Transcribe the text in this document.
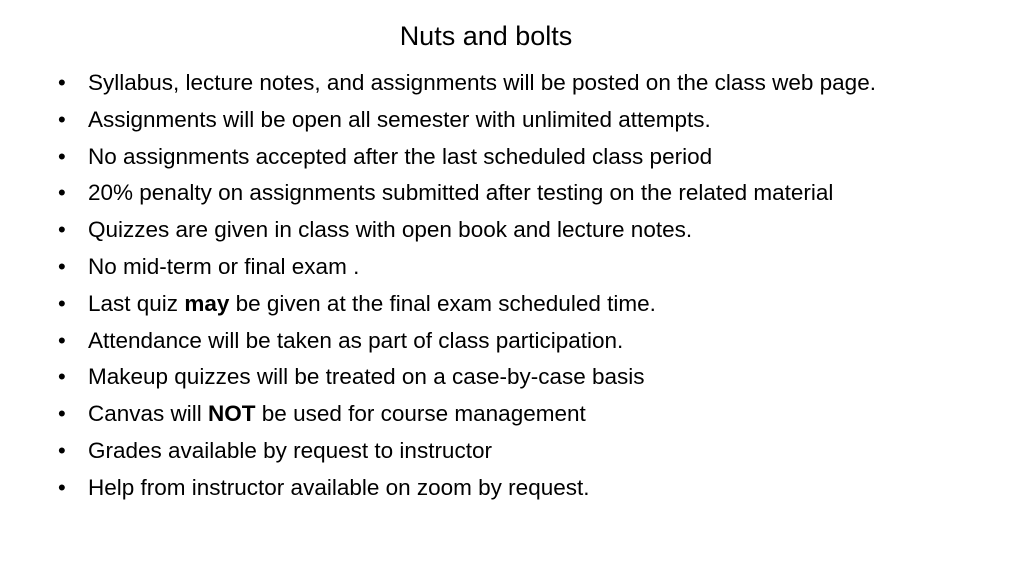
Nuts and bolts
• Syllabus, lecture notes, and assignments will be posted on the class web page.
• Assignments will be open all semester with unlimited attempts.
• No assignments accepted after the last scheduled class period
• 20% penalty on assignments submitted after testing on the related material
• Quizzes are given in class with open book and lecture notes.
• No mid-term or final exam .
• Last quiz may be given at the final exam scheduled time.
• Attendance will be taken as part of class participation.
• Makeup quizzes will be treated on a case-by-case basis
• Canvas will NOT be used for course management
• Grades available by request to instructor
• Help from instructor available on zoom by request.
